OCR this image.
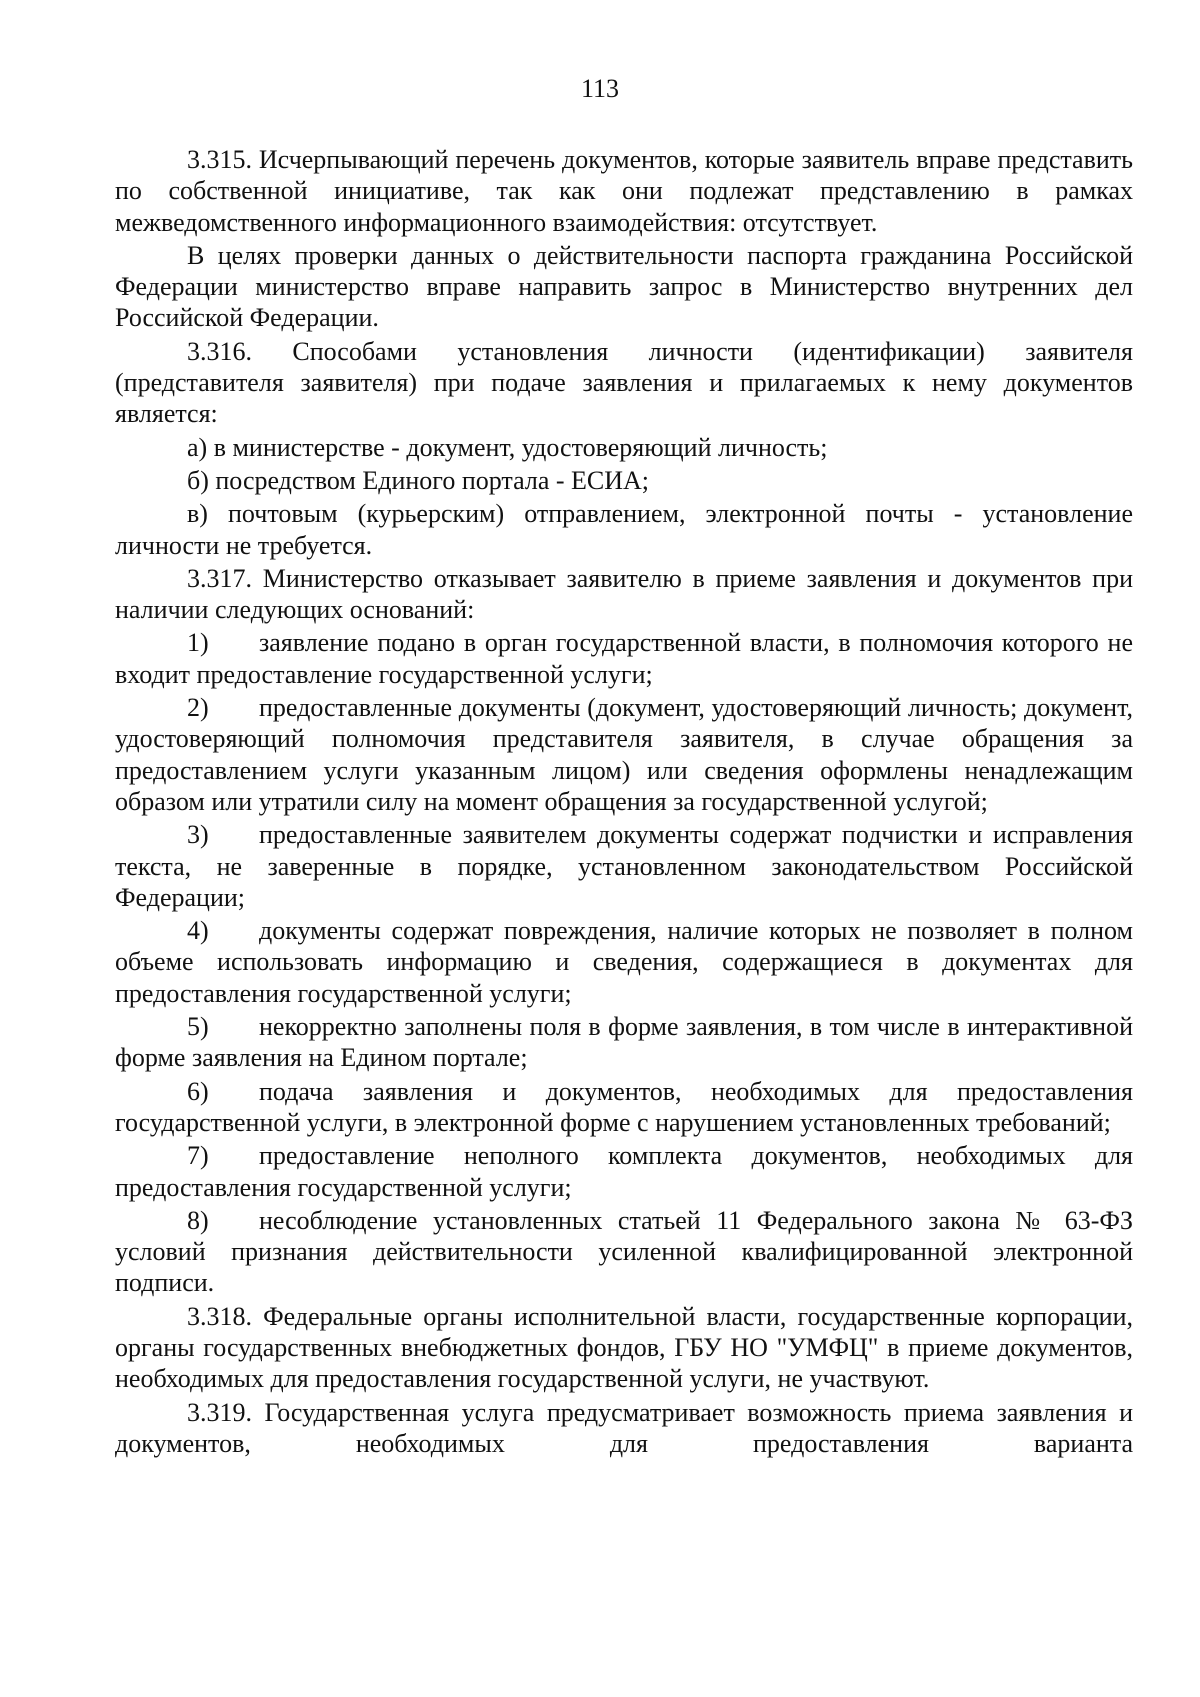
113

3.315. Исчерпывающий перечень документов, которые заявитель вправе представить по собственной инициативе, так как они подлежат представлению в рамках межведомственного информационного взаимодействия: отсутствует.

В целях проверки данных о действительности паспорта гражданина Российской Федерации министерство вправе направить запрос в Министерство внутренних дел Российской Федерации.

3.316. Способами установления личности (идентификации) заявителя (представителя заявителя) при подаче заявления и прилагаемых к нему документов является:

а) в министерстве - документ, удостоверяющий личность;

б) посредством Единого портала - ЕСИА;

в) почтовым (курьерским) отправлением, электронной почты - установление личности не требуется.

3.317. Министерство отказывает заявителю в приеме заявления и документов при наличии следующих оснований:

1) заявление подано в орган государственной власти, в полномочия которого не входит предоставление государственной услуги;

2) предоставленные документы (документ, удостоверяющий личность; документ, удостоверяющий полномочия представителя заявителя, в случае обращения за предоставлением услуги указанным лицом) или сведения оформлены ненадлежащим образом или утратили силу на момент обращения за государственной услугой;

3) предоставленные заявителем документы содержат подчистки и исправления текста, не заверенные в порядке, установленном законодательством Российской Федерации;

4) документы содержат повреждения, наличие которых не позволяет в полном объеме использовать информацию и сведения, содержащиеся в документах для предоставления государственной услуги;

5) некорректно заполнены поля в форме заявления, в том числе в интерактивной форме заявления на Едином портале;

6) подача заявления и документов, необходимых для предоставления государственной услуги, в электронной форме с нарушением установленных требований;

7) предоставление неполного комплекта документов, необходимых для предоставления государственной услуги;

8) несоблюдение установленных статьей 11 Федерального закона № 63-ФЗ условий признания действительности усиленной квалифицированной электронной подписи.

3.318. Федеральные органы исполнительной власти, государственные корпорации, органы государственных внебюджетных фондов, ГБУ НО "УМФЦ" в приеме документов, необходимых для предоставления государственной услуги, не участвуют.

3.319. Государственная услуга предусматривает возможность приема заявления и документов, необходимых для предоставления варианта
